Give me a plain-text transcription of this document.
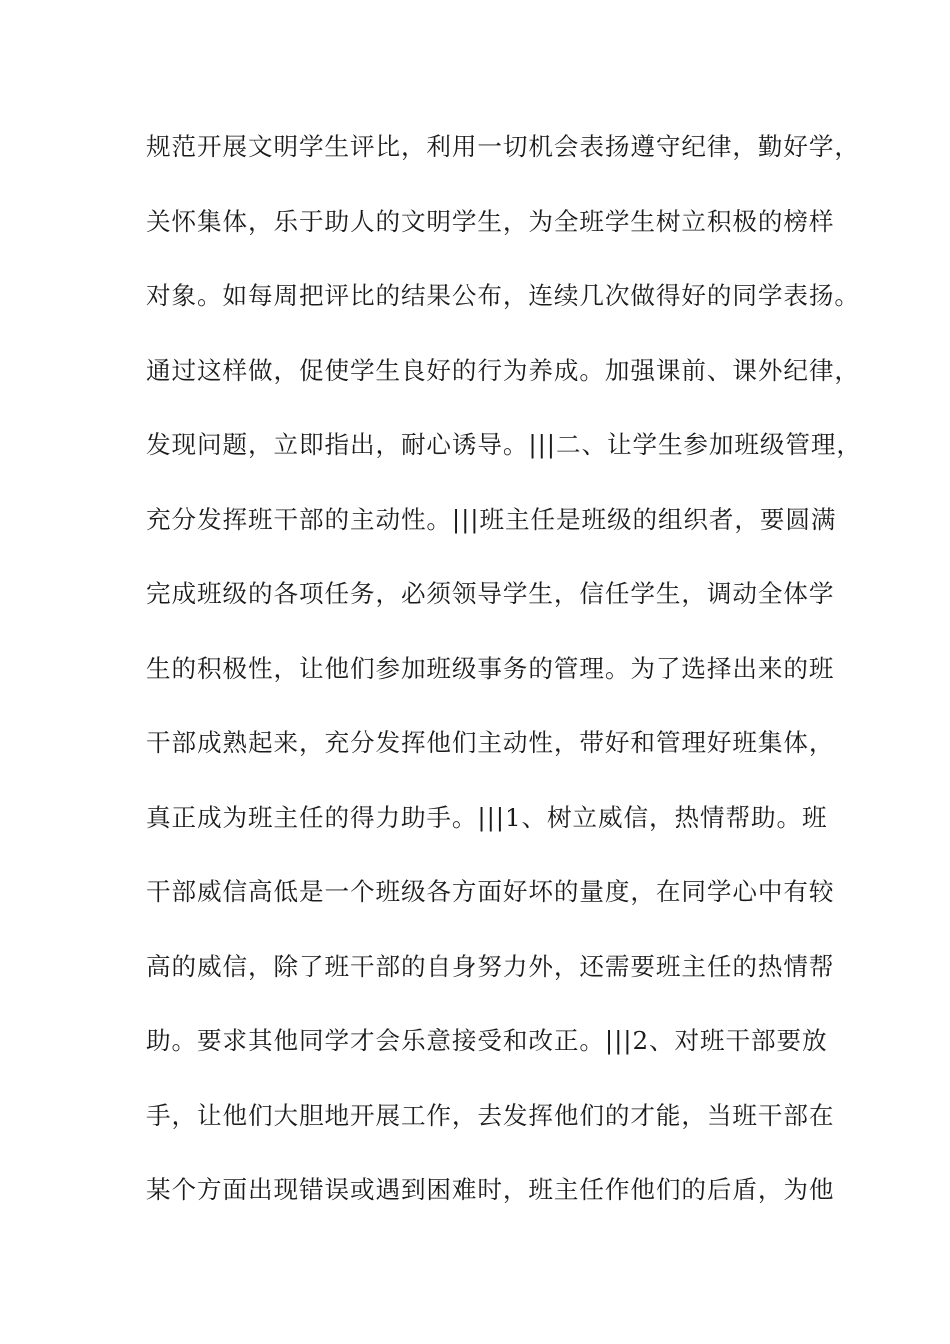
规范开展文明学生评比，利用一切机会表扬遵守纪律，勤好学，
关怀集体，乐于助人的文明学生，为全班学生树立积极的榜样
对象。如每周把评比的结果公布，连续几次做得好的同学表扬。
通过这样做，促使学生良好的行为养成。加强课前、课外纪律，
发现问题，立即指出，耐心诱导。|||二、让学生参加班级管理，
充分发挥班干部的主动性。|||班主任是班级的组织者，要圆满
完成班级的各项任务，必须领导学生，信任学生，调动全体学
生的积极性，让他们参加班级事务的管理。为了选择出来的班
干部成熟起来，充分发挥他们主动性，带好和管理好班集体，
真正成为班主任的得力助手。|||1、树立威信，热情帮助。班
干部威信高低是一个班级各方面好坏的量度，在同学心中有较
高的威信，除了班干部的自身努力外，还需要班主任的热情帮
助。要求其他同学才会乐意接受和改正。|||2、对班干部要放
手，让他们大胆地开展工作，去发挥他们的才能，当班干部在
某个方面出现错误或遇到困难时，班主任作他们的后盾，为他
